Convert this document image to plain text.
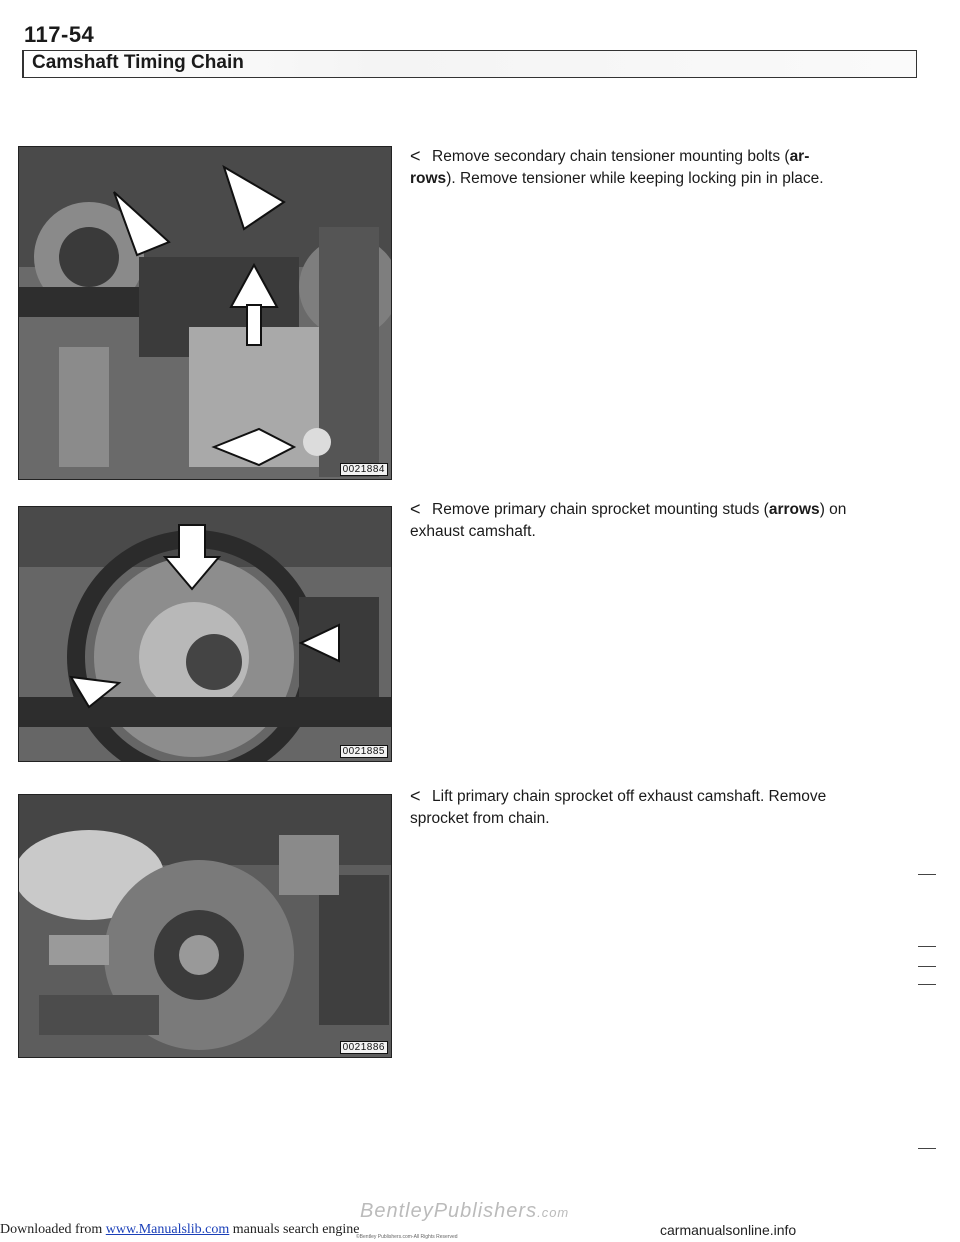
117-54
Camshaft Timing Chain
0021884
0021885
0021886
< Remove secondary chain tensioner mounting bolts (ar-
rows). Remove tensioner while keeping locking pin in place.
< Remove primary chain sprocket mounting studs (arrows) on
exhaust camshaft.
< Lift primary chain sprocket off exhaust camshaft. Remove
sprocket from chain.
BentleyPublishers.com
©Bentley Publishers.com-All Rights Reserved
Downloaded from www.Manualslib.com manuals search engine	carmanualsonline.info
